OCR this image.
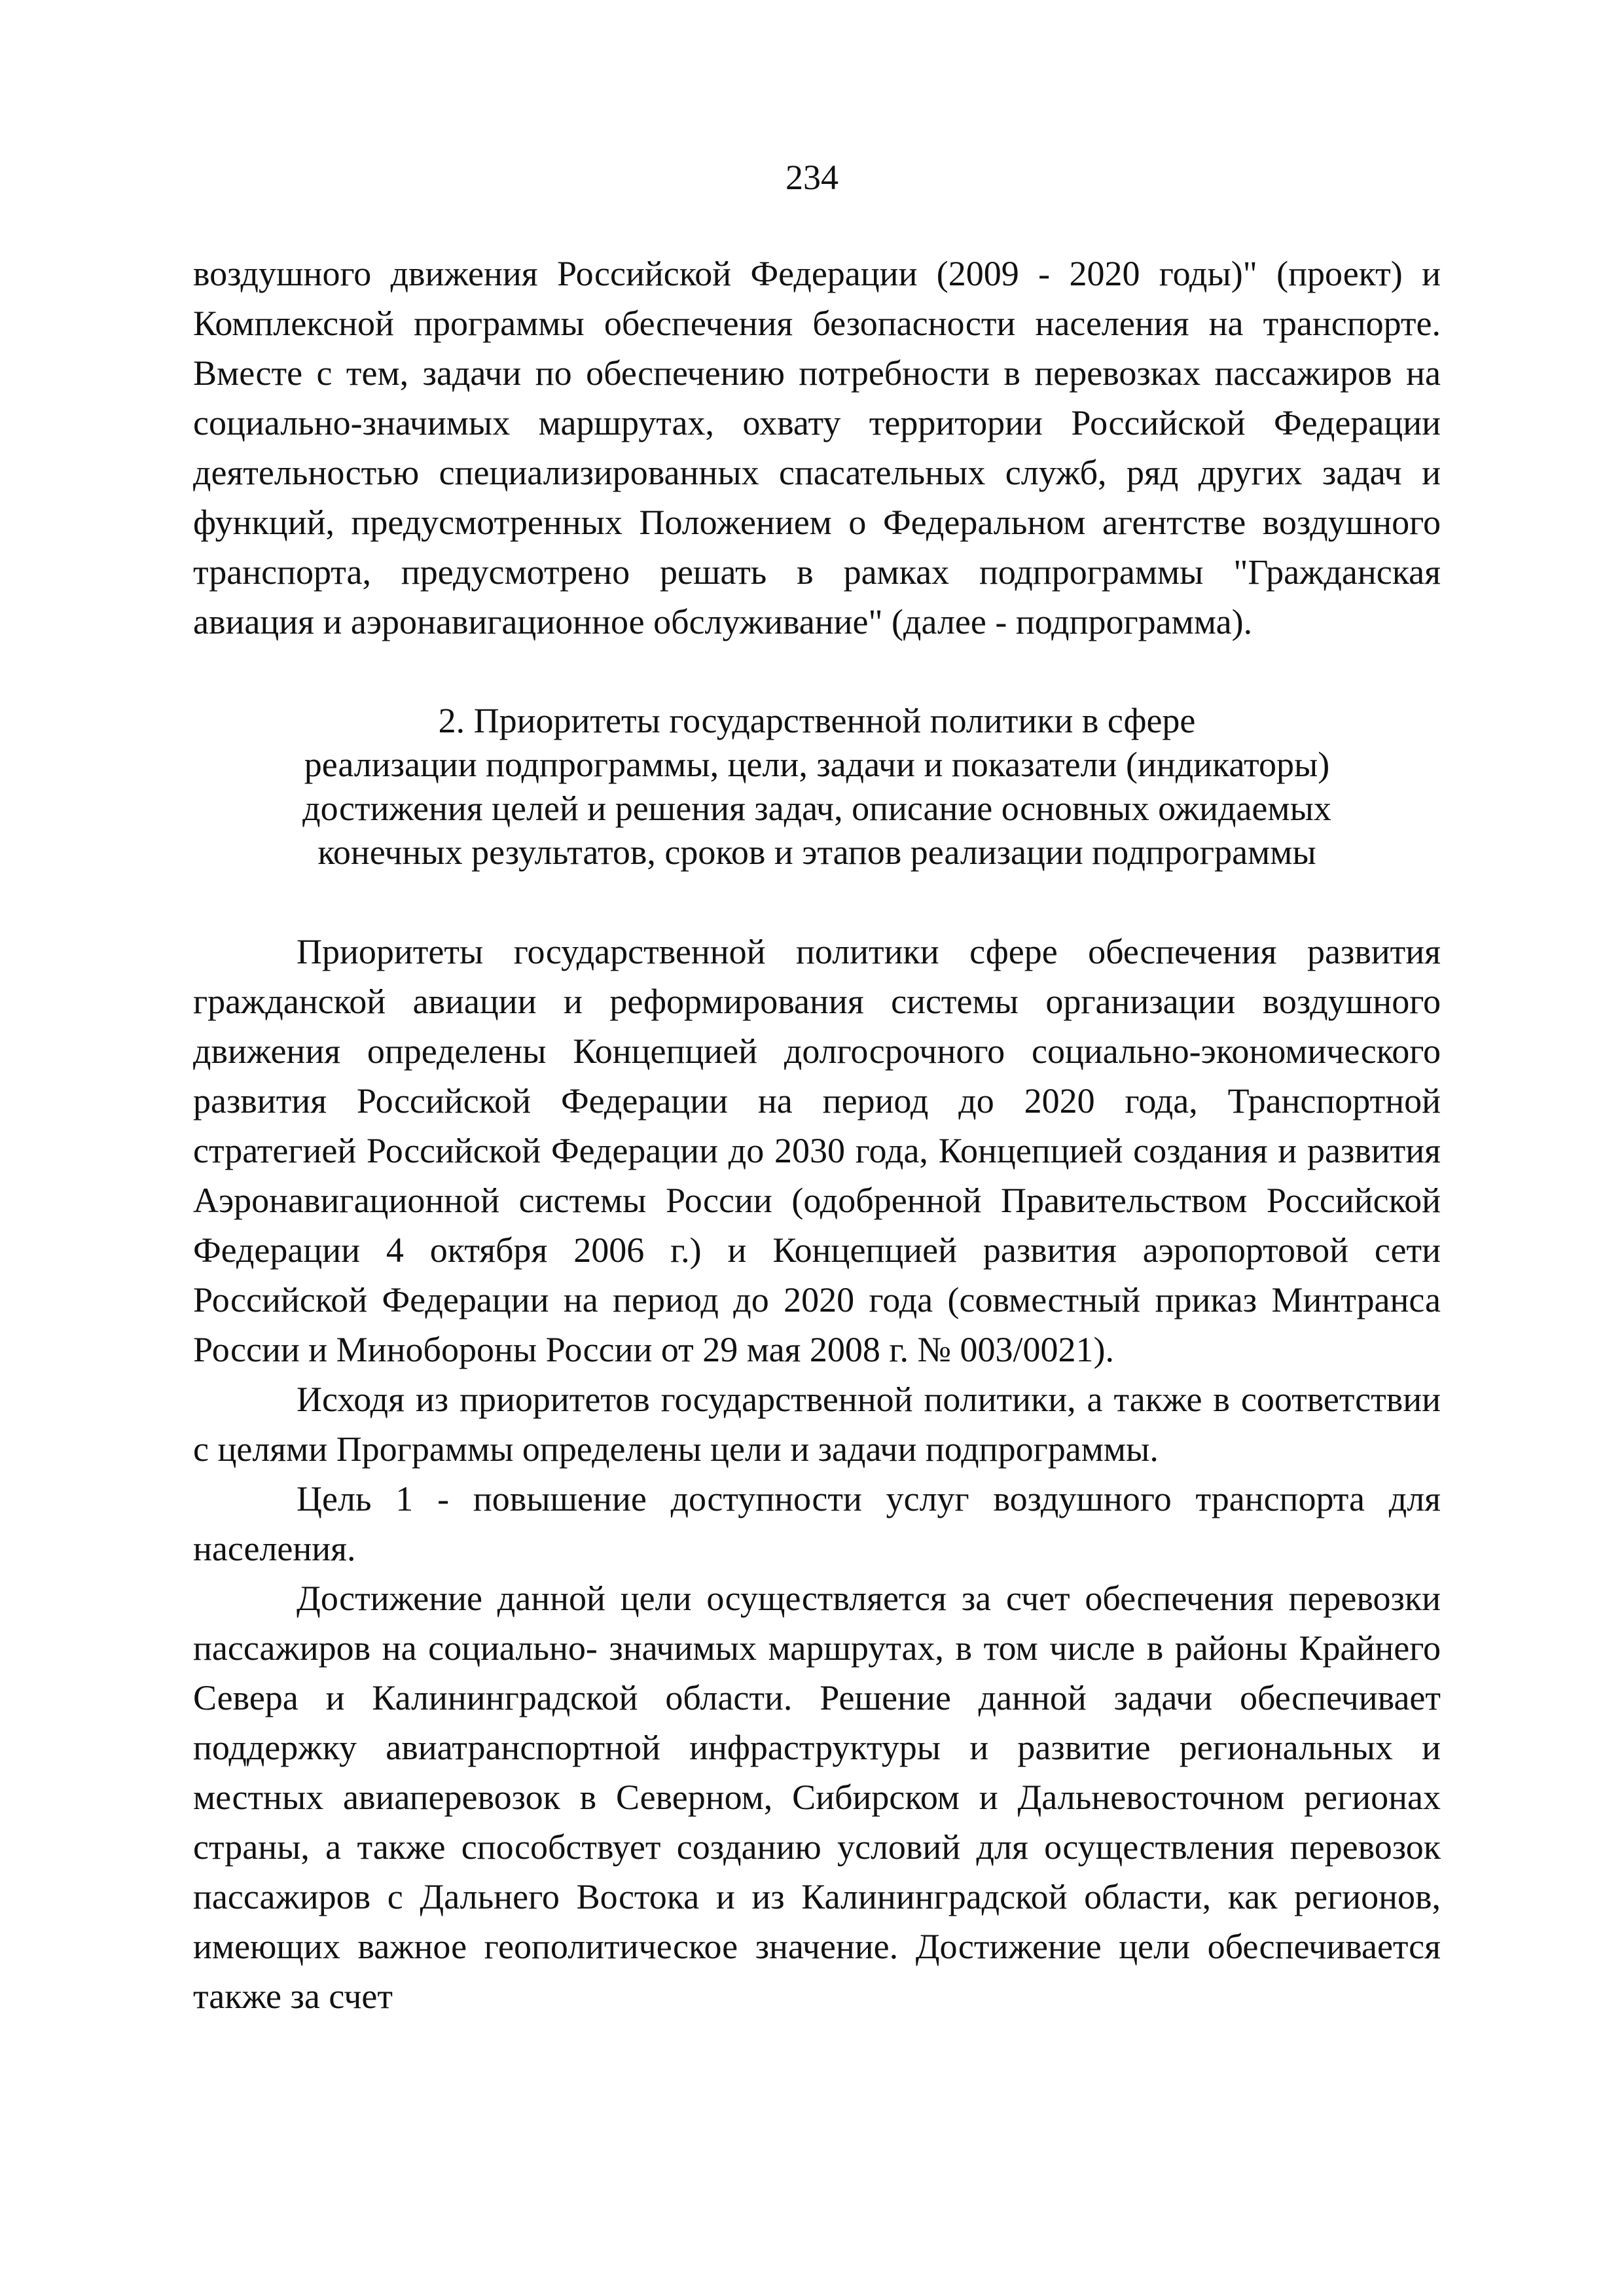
234

воздушного движения Российской Федерации (2009 - 2020 годы)" (проект) и Комплексной программы обеспечения безопасности населения на транспорте. Вместе с тем, задачи по обеспечению потребности в перевозках пассажиров на социально-значимых маршрутах, охвату территории Российской Федерации деятельностью специализированных спасательных служб, ряд других задач и функций, предусмотренных Положением о Федеральном агентстве воздушного транспорта, предусмотрено решать в рамках подпрограммы "Гражданская авиация и аэронавигационное обслуживание" (далее - подпрограмма).

2. Приоритеты государственной политики в сфере
реализации подпрограммы, цели, задачи и показатели (индикаторы)
достижения целей и решения задач, описание основных ожидаемых
конечных результатов, сроков и этапов реализации подпрограммы

Приоритеты государственной политики сфере обеспечения развития гражданской авиации и реформирования системы организации воздушного движения определены Концепцией долгосрочного социально-экономического развития Российской Федерации на период до 2020 года, Транспортной стратегией Российской Федерации до 2030 года, Концепцией создания и развития Аэронавигационной системы России (одобренной Правительством Российской Федерации 4 октября 2006 г.) и Концепцией развития аэропортовой сети Российской Федерации на период до 2020 года (совместный приказ Минтранса России и Минобороны России от 29 мая 2008 г. № 003/0021).

Исходя из приоритетов государственной политики, а также в соответствии с целями Программы определены цели и задачи подпрограммы.

Цель 1 - повышение доступности услуг воздушного транспорта для населения.

Достижение данной цели осуществляется за счет обеспечения перевозки пассажиров на социально- значимых маршрутах, в том числе в районы Крайнего Севера и Калининградской области. Решение данной задачи обеспечивает поддержку авиатранспортной инфраструктуры и развитие региональных и местных авиаперевозок в Северном, Сибирском и Дальневосточном регионах страны, а также способствует созданию условий для осуществления перевозок пассажиров с Дальнего Востока и из Калининградской области, как регионов, имеющих важное геополитическое значение. Достижение цели обеспечивается также за счет
